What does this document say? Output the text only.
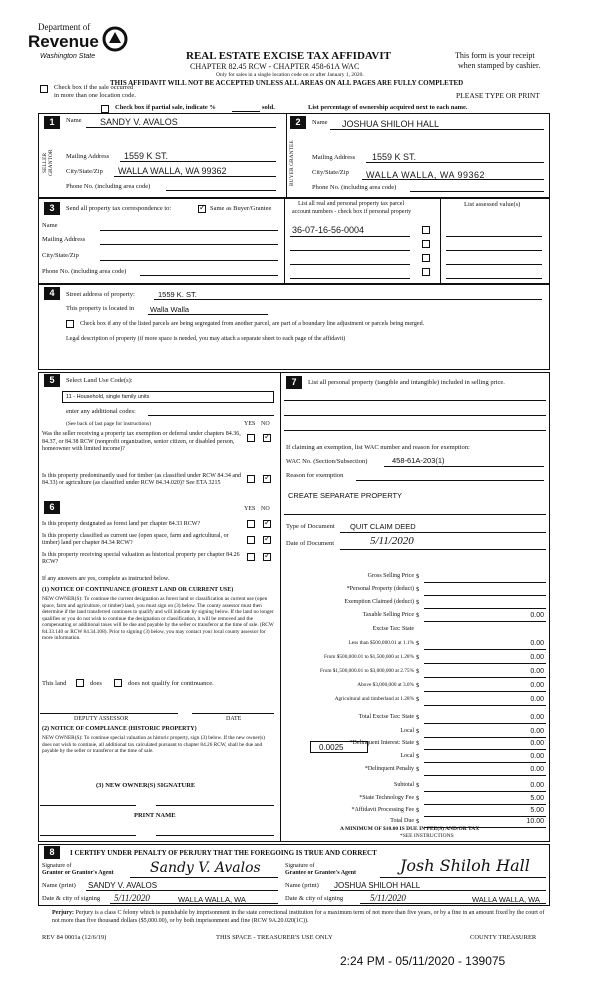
Department of
Revenue
Washington State	REAL ESTATE EXCISE TAX AFFIDAVIT
CHAPTER 82.45 RCW - CHAPTER 458-61A WAC
Only for sales in a single location code on or after January 1, 2020.
This form is your receipt
when stamped by cashier.
THIS AFFIDAVIT WILL NOT BE ACCEPTED UNLESS ALL AREAS ON ALL PAGES ARE FULLY COMPLETED
Check box if the sale occurred
in more than one location code.	PLEASE TYPE OR PRINT
Check box if partial sale, indicate %	sold.	List percentage of ownership acquired next to each name.
1	Name SANDY V. AVALOS
SELLER GRANTOR Mailing Address 1559 K ST.
City/State/Zip WALLA WALLA, WA 99362
Phone No. (including area code)
2	Name JOSHUA SHILOH HALL
BUYER GRANTEE	Mailing Address 1559 K ST.
City/State/Zip WALLA WALLA, WA 99362
Phone No. (including area code)
3	Send all property tax correspondence to:
✓	Same as Buyer/Grantee
List all real and personal property tax parcel
account numbers - check box if personal property
List assessed value(s)
Name
Mailing Address
City/State/Zip
Phone No. (including area code)
36-07-16-56-0004
4	Street address of property:	1559 K. ST.
This property is located in Walla Walla
Check box if any of the listed parcels are being segregated from another parcel, are part of a boundary line adjustment or parcels being merged.
Legal description of property (if more space is needed, you may attach a separate sheet to each page of the affidavit)
5	Select Land Use Code(s):
11 - Household, single family units
enter any additional codes:
(See back of last page for instructions)	YES NO
Was the seller receiving a property tax exemption or deferral under chapters 84.36, 84.37, or 84.38 RCW (nonprofit organization, senior citizen, or disabled person, homeowner with limited income)?
✓
Is this property predominantly used for timber (as classified under RCW 84.34 and 84.33) or agriculture (as classified under RCW 84.34.020)? See ETA 3215
✓
6	YES NO
Is this property designated as forest land per chapter 84.33 RCW?
✓
Is this property classified as current use (open space, farm and agricultural, or timber) land per chapter 84.34 RCW?
✓
Is this property receiving special valuation as historical property per chapter 84.26 RCW?
✓
If any answers are yes, complete as instructed below.
(1) NOTICE OF CONTINUANCE (FOREST LAND OR CURRENT USE)
NEW OWNER(S): To continue the current designation as forest land or classification as current use (open space, farm and agriculture, or timber) land, you must sign on (3) below. The county assessor must then determine if the land transferred continues to qualify and will indicate by signing below. If the land no longer qualifies or you do not wish to continue the designation or classification, it will be removed and the compensating or additional taxes will be due and payable by the seller or transferor at the time of sale. (RCW 84.33.140 or RCW 84.34.108). Prior to signing (3) below, you may contact your local county assessor for more information.
This land	does	does not qualify for continuance.
DEPUTY ASSESSOR	DATE
(2) NOTICE OF COMPLIANCE (HISTORIC PROPERTY)
NEW OWNER(S): To continue special valuation as historic property, sign (3) below. If the new owner(s) does not wish to continue, all additional tax calculated pursuant to chapter 84.26 RCW, shall be due and payable by the seller or transferor at the time of sale.
(3) NEW OWNER(S) SIGNATURE
PRINT NAME
7	List all personal property (tangible and intangible) included in selling price.
If claiming an exemption, list WAC number and reason for exemption:
WAC No. (Section/Subsection)	458-61A-203(1)
Reason for exemption
CREATE SEPARATE PROPERTY
Type of Document QUIT CLAIM DEED
Date of Document	5/11/2020
Gross Selling Price $
*Personal Property (deduct) $
Exemption Claimed (deduct) $
Taxable Selling Price $	0.00
Excise Tax: State
Less than $500,000.01 at 1.1% $	0.00
From $500,000.01 to $1,500,000 at 1.28% $	0.00
From $1,500,000.01 to $3,000,000 at 2.75% $	0.00
Above $3,000,000 at 3.0% $	0.00
Agricultural and timberland at 1.28% $	0.00
Total Excise Tax: State $	0.00
Local $	0.00
*Delinquent Interest: State $	0.00
Local $	0.00
*Delinquent Penalty $	0.00
Subtotal $	0.00
*State Technology Fee $	5.00
*Affidavit Processing Fee $	5.00
Total Due $	10.00
0.0025
A MINIMUM OF $10.00 IS DUE IN FEE(S) AND/OR TAX
*SEE INSTRUCTIONS
8	I CERTIFY UNDER PENALTY OF PERJURY THAT THE FOREGOING IS TRUE AND CORRECT
Signature of
Grantor or Grantor's Agent	Sandy V. Avalos
Name (print) SANDY V. AVALOS
Date & city of signing 5/11/2020	WALLA WALLA, WA
Signature of
Grantee or Grantee's Agent	Josh Shiloh Hall
Name (print) JOSHUA SHILOH HALL
Date & city of signing	5/11/2020	WALLA WALLA, WA
Perjury: Perjury is a class C felony which is punishable by imprisonment in the state correctional institution for a maximum term of not more than five years, or by a fine in an amount fixed by the court of not more than five thousand dollars ($5,000.00), or by both imprisonment and fine (RCW 9A.20.020(1C)).
REV 84 0001a (12/6/19)	THIS SPACE - TREASURER'S USE ONLY	COUNTY TREASURER
2:24 PM - 05/11/2020 - 139075
